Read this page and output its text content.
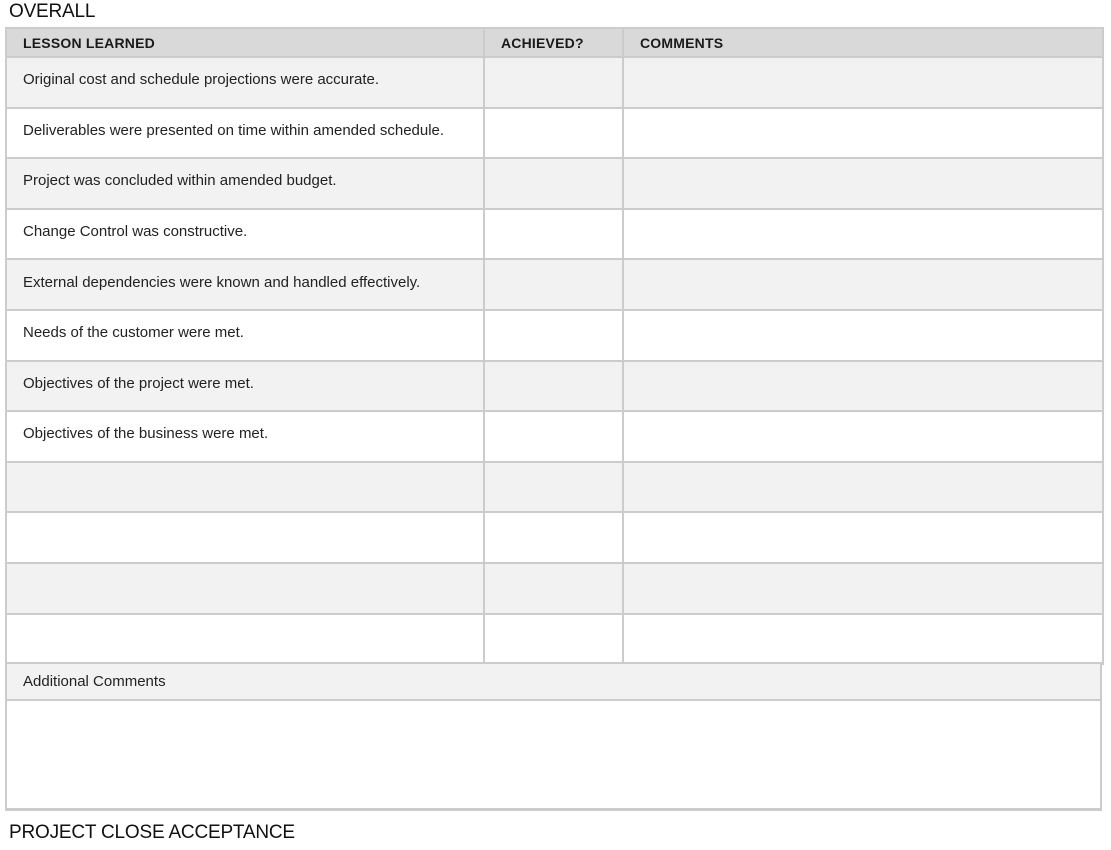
OVERALL
LESSON LEARNED	ACHIEVED?	COMMENTS
Original cost and schedule projections were accurate.		
Deliverables were presented on time within amended schedule.		
Project was concluded within amended budget.		
Change Control was constructive.		
External dependencies were known and handled effectively.		
Needs of the customer were met.		
Objectives of the project were met.		
Objectives of the business were met.		

Additional Comments

PROJECT CLOSE ACCEPTANCE
